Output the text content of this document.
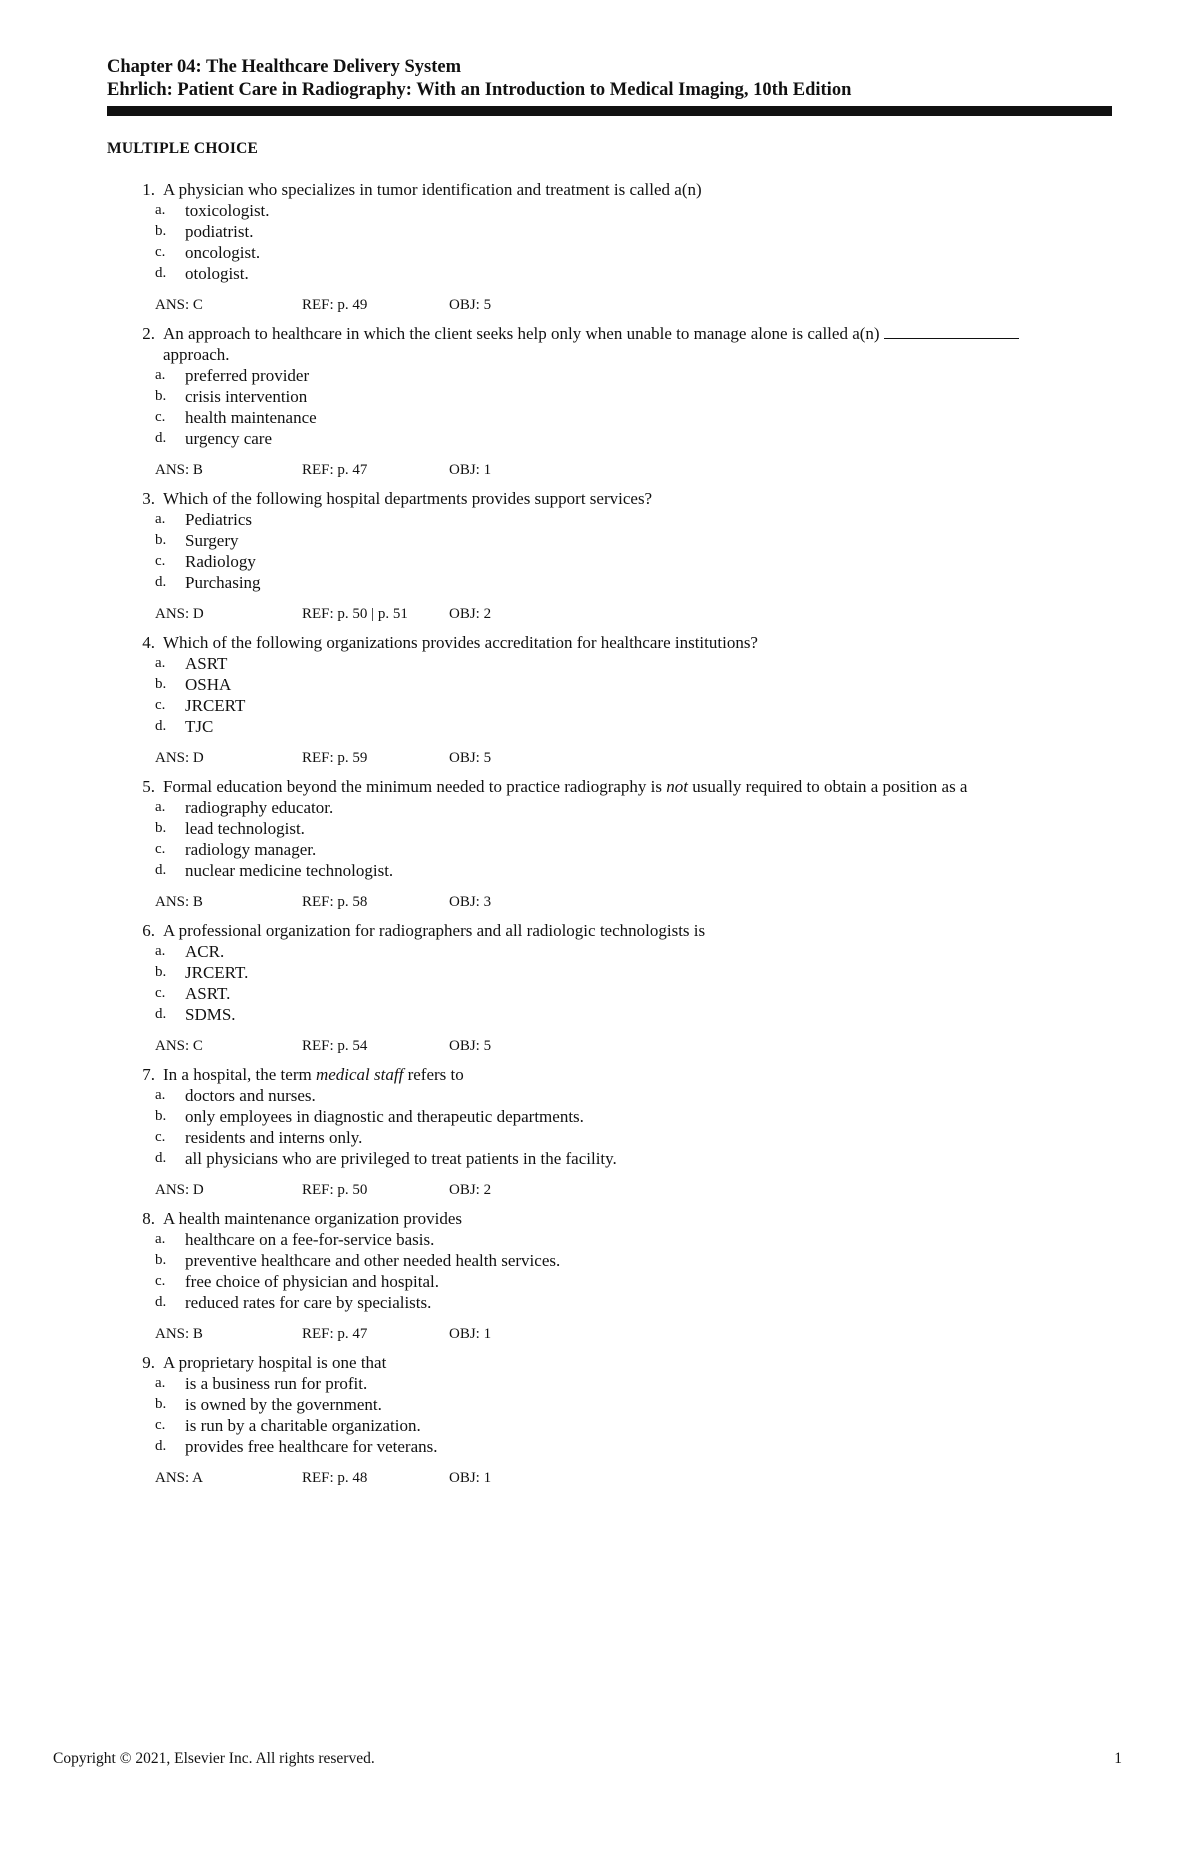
Chapter 04: The Healthcare Delivery System
Ehrlich: Patient Care in Radiography: With an Introduction to Medical Imaging, 10th Edition
MULTIPLE CHOICE
1. A physician who specializes in tumor identification and treatment is called a(n)
a.	toxicologist.
b.	podiatrist.
c.	oncologist.
d.	otologist.
ANS: C	REF: p. 49	OBJ: 5
2. An approach to healthcare in which the client seeks help only when unable to manage alone is called a(n)
approach.
a.	preferred provider
b.	crisis intervention
c.	health maintenance
d.	urgency care
ANS: B	REF: p. 47	OBJ: 1
3. Which of the following hospital departments provides support services?
a.	Pediatrics
b.	Surgery
c.	Radiology
d.	Purchasing
ANS: D	REF: p. 50 | p. 51	OBJ: 2
4. Which of the following organizations provides accreditation for healthcare institutions?
a.	ASRT
b.	OSHA
c.	JRCERT
d.	TJC
ANS: D	REF: p. 59	OBJ: 5
5. Formal education beyond the minimum needed to practice radiography is not usually required to obtain a position as a
a.	radiography educator.
b.	lead technologist.
c.	radiology manager.
d.	nuclear medicine technologist.
ANS: B	REF: p. 58	OBJ: 3
6. A professional organization for radiographers and all radiologic technologists is
a.	ACR.
b.	JRCERT.
c.	ASRT.
d.	SDMS.
ANS: C	REF: p. 54	OBJ: 5
7. In a hospital, the term medical staff refers to
a.	doctors and nurses.
b.	only employees in diagnostic and therapeutic departments.
c.	residents and interns only.
d.	all physicians who are privileged to treat patients in the facility.
ANS: D	REF: p. 50	OBJ: 2
8. A health maintenance organization provides
a.	healthcare on a fee-for-service basis.
b.	preventive healthcare and other needed health services.
c.	free choice of physician and hospital.
d.	reduced rates for care by specialists.
ANS: B	REF: p. 47	OBJ: 1
9. A proprietary hospital is one that
a.	is a business run for profit.
b.	is owned by the government.
c.	is run by a charitable organization.
d.	provides free healthcare for veterans.
ANS: A	REF: p. 48	OBJ: 1
Copyright © 2021, Elsevier Inc. All rights reserved.	1
